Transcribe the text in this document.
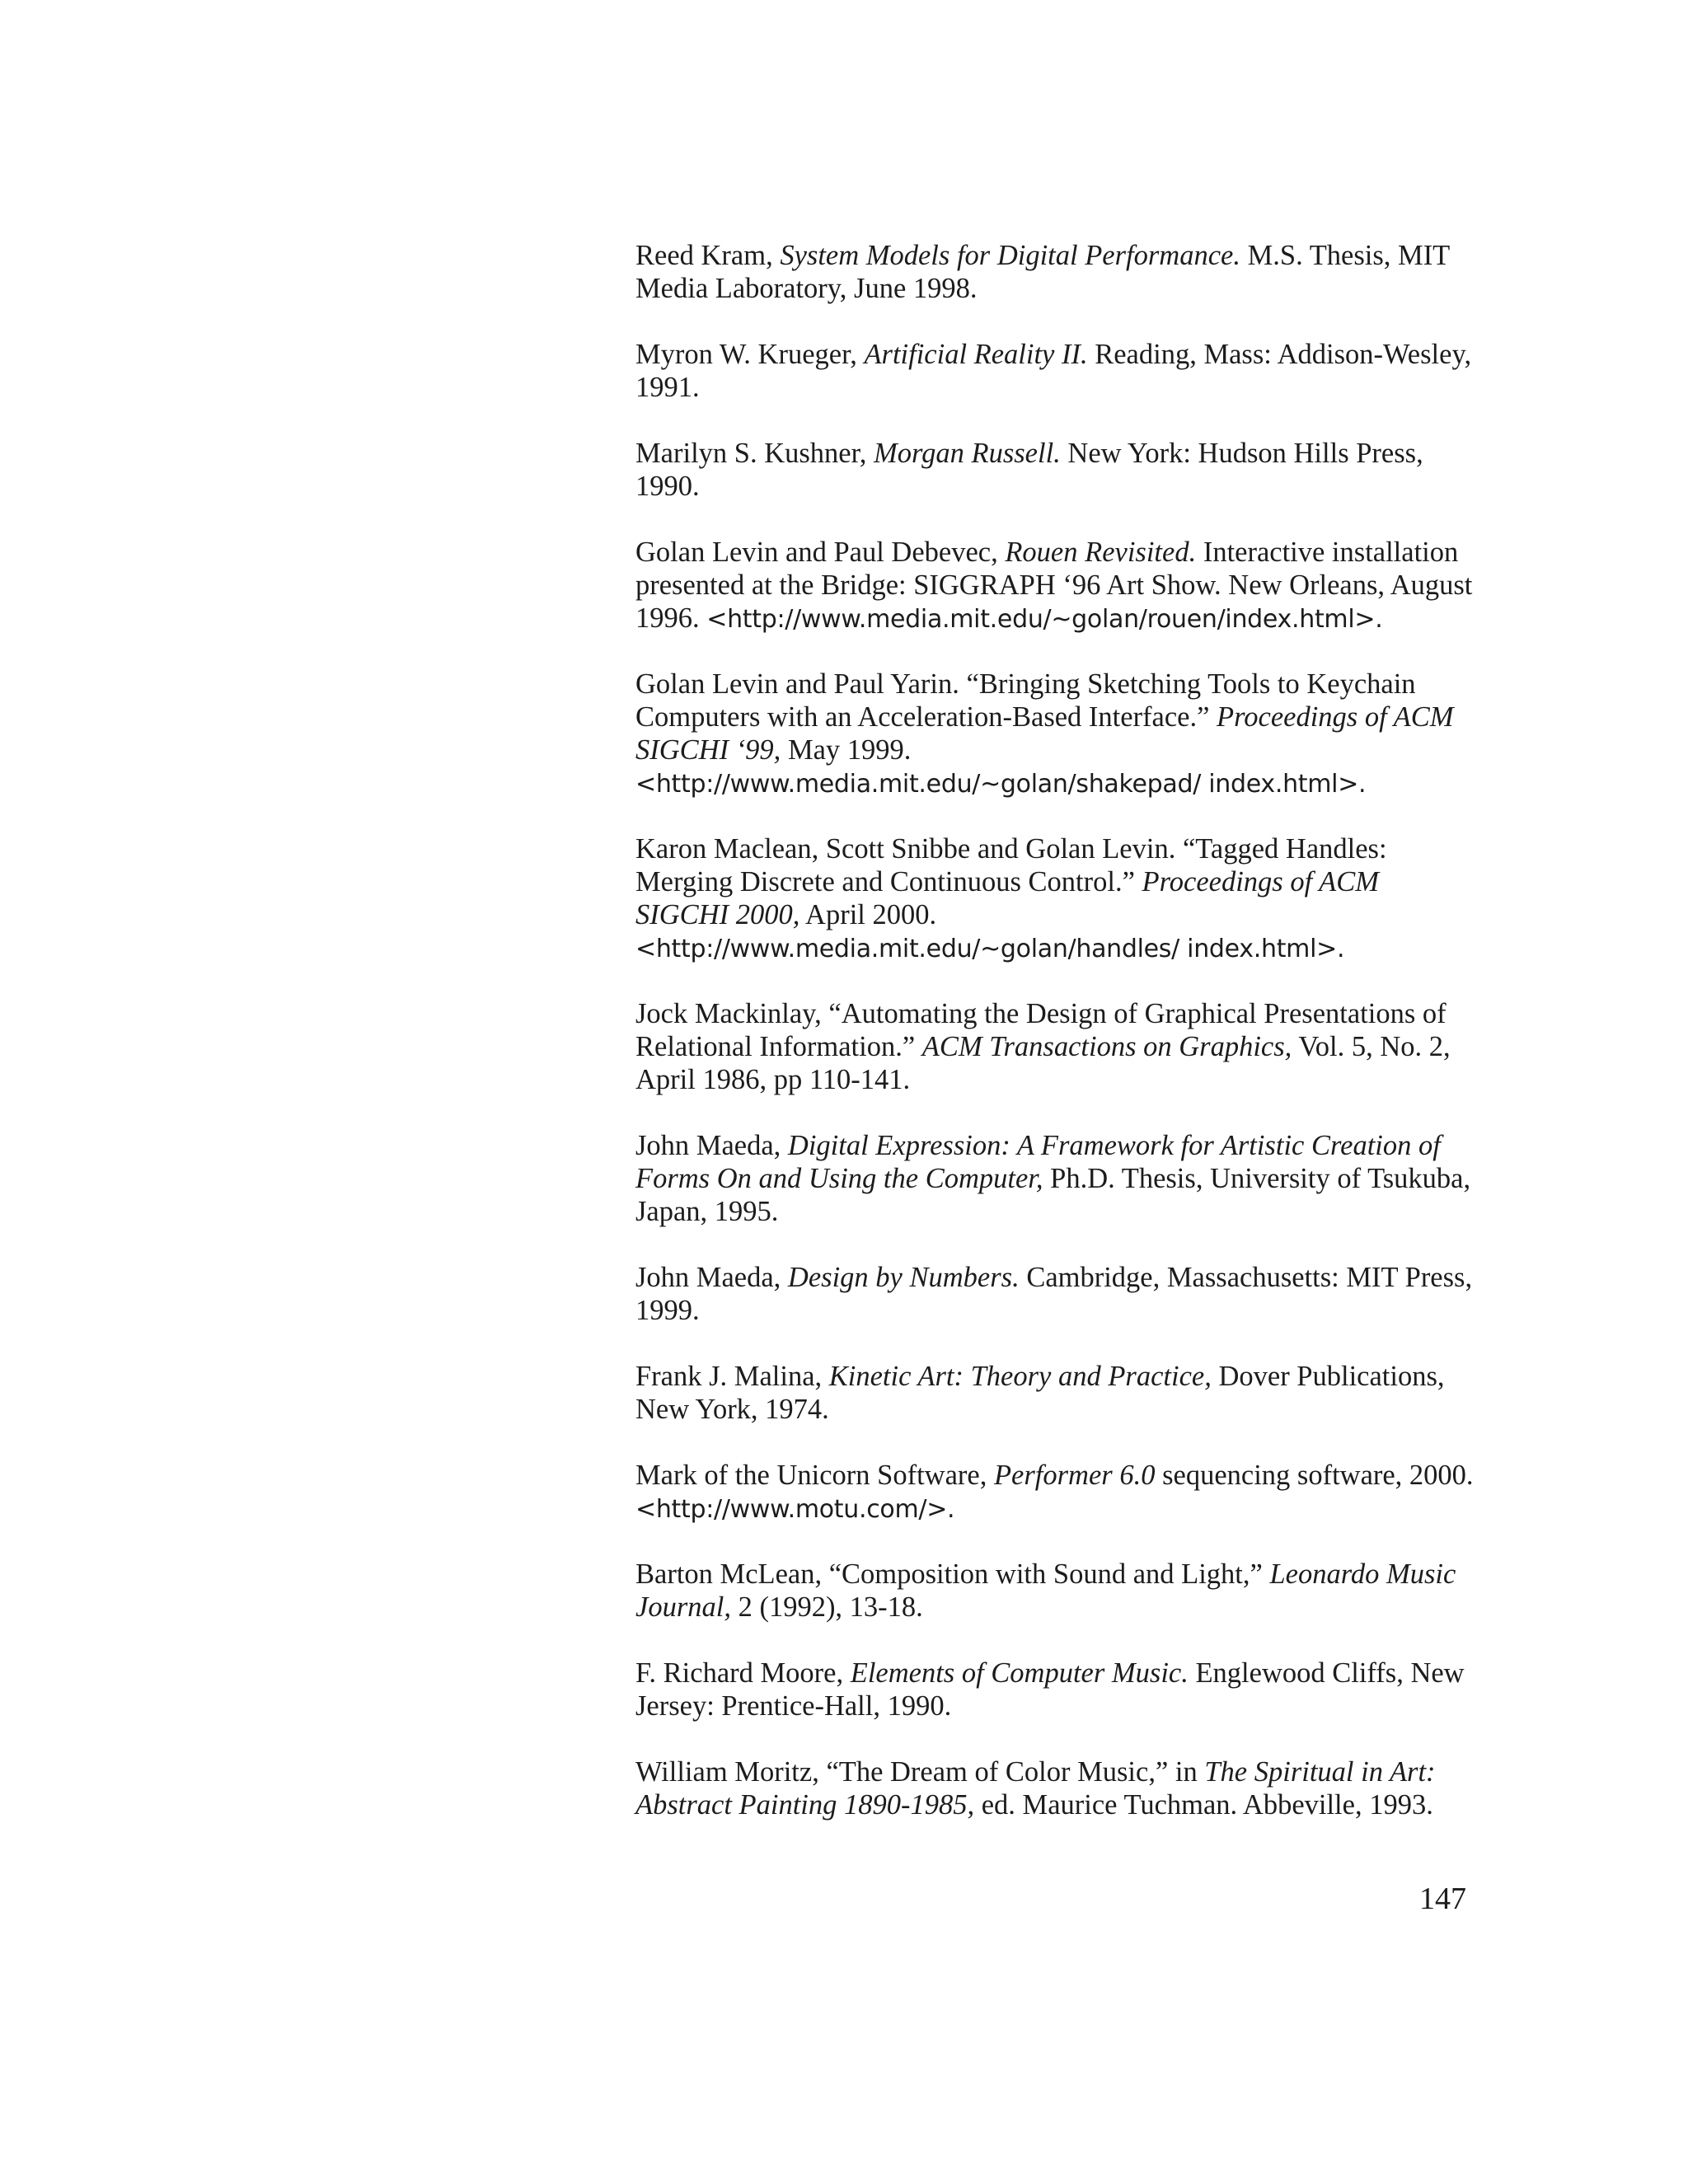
Reed Kram, System Models for Digital Performance. M.S. Thesis, MIT Media Laboratory, June 1998.

Myron W. Krueger, Artificial Reality II. Reading, Mass: Addison-Wesley, 1991.

Marilyn S. Kushner, Morgan Russell. New York: Hudson Hills Press, 1990.

Golan Levin and Paul Debevec, Rouen Revisited. Interactive installation presented at the Bridge: SIGGRAPH ‘96 Art Show. New Orleans, August 1996. <http://www.media.mit.edu/~golan/rouen/index.html>.

Golan Levin and Paul Yarin. “Bringing Sketching Tools to Keychain Computers with an Acceleration-Based Interface.” Proceedings of ACM SIGCHI ‘99, May 1999. <http://www.media.mit.edu/~golan/shakepad/ index.html>.

Karon Maclean, Scott Snibbe and Golan Levin. “Tagged Handles: Merging Discrete and Continuous Control.” Proceedings of ACM SIGCHI 2000, April 2000. <http://www.media.mit.edu/~golan/handles/ index.html>.

Jock Mackinlay, “Automating the Design of Graphical Presentations of Relational Information.” ACM Transactions on Graphics, Vol. 5, No. 2, April 1986, pp 110-141.

John Maeda, Digital Expression: A Framework for Artistic Creation of Forms On and Using the Computer, Ph.D. Thesis, University of Tsukuba, Japan, 1995.

John Maeda, Design by Numbers. Cambridge, Massachusetts: MIT Press, 1999.

Frank J. Malina, Kinetic Art: Theory and Practice, Dover Publications, New York, 1974.

Mark of the Unicorn Software, Performer 6.0 sequencing software, 2000. <http://www.motu.com/>.

Barton McLean, “Composition with Sound and Light,” Leonardo Music Journal, 2 (1992), 13-18.

F. Richard Moore, Elements of Computer Music. Englewood Cliffs, New Jersey: Prentice-Hall, 1990.

William Moritz, “The Dream of Color Music,” in The Spiritual in Art: Abstract Painting 1890-1985, ed. Maurice Tuchman. Abbeville, 1993.

147
